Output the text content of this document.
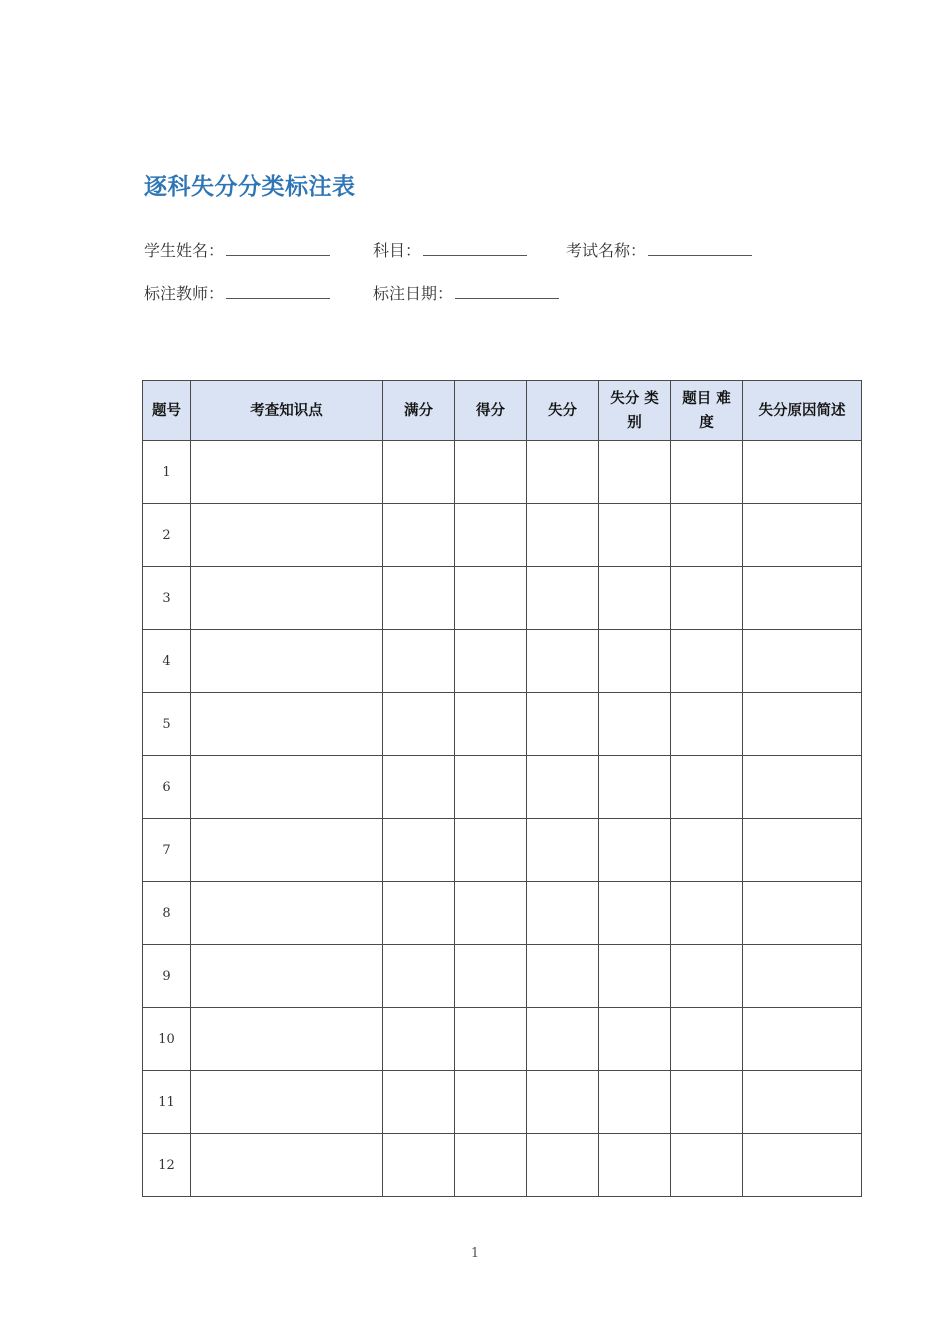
逐科失分分类标注表
学生姓名：	科目：	考试名称：
标注教师：	标注日期：
题号	考查知识点	满分	得分	失分	失分 类别	题目 难度	失分原因简述
1							
2							
3							
4							
5							
6							
7							
8							
9							
10							
11							
12							
1
